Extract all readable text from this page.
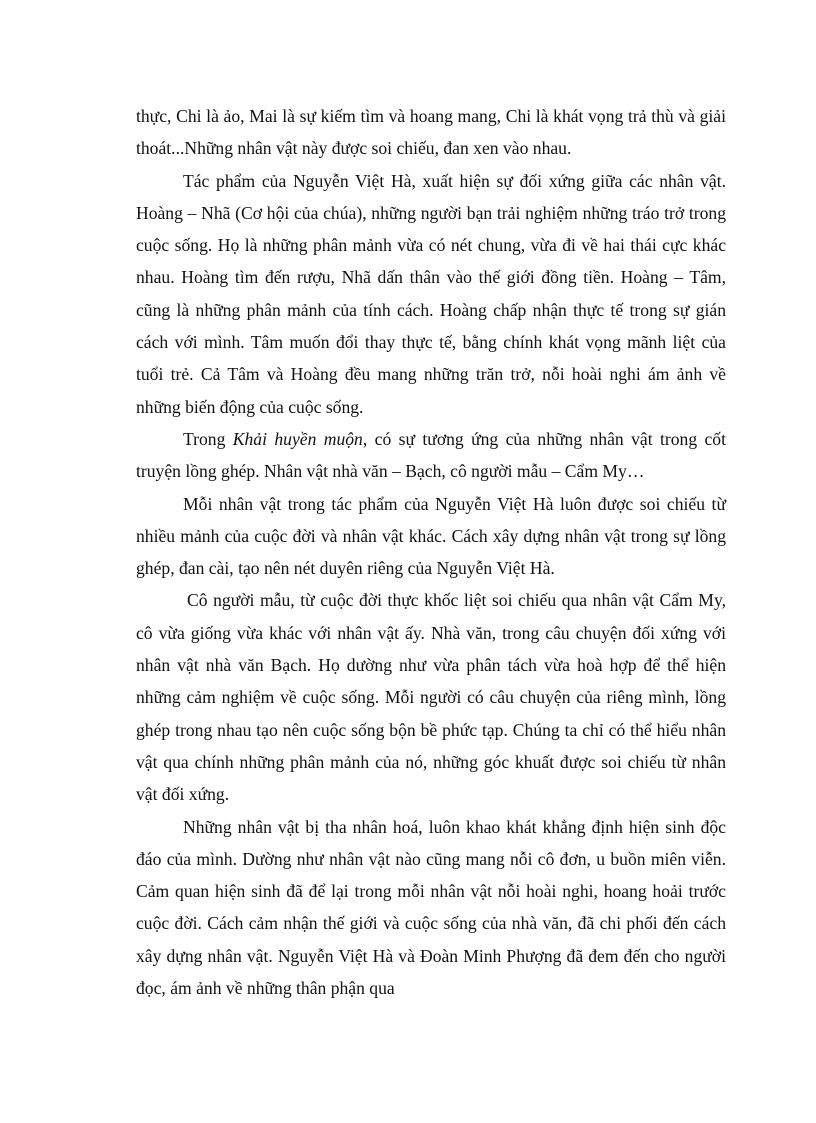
thực, Chi là ảo, Mai là sự kiếm tìm và hoang mang, Chi là khát vọng trả thù và giải thoát...Những nhân vật này được soi chiếu, đan xen vào nhau.

Tác phẩm của Nguyễn Việt Hà, xuất hiện sự đối xứng giữa các nhân vật. Hoàng – Nhã (Cơ hội của chúa), những người bạn trải nghiệm những tráo trở trong cuộc sống. Họ là những phân mảnh vừa có nét chung, vừa đi về hai thái cực khác nhau. Hoàng tìm đến rượu, Nhã dấn thân vào thế giới đồng tiền. Hoàng – Tâm, cũng là những phân mảnh của tính cách. Hoàng chấp nhận thực tế trong sự gián cách với mình. Tâm muốn đổi thay thực tế, bằng chính khát vọng mãnh liệt của tuổi trẻ. Cả Tâm và Hoàng đều mang những trăn trở, nỗi hoài nghi ám ảnh về những biến động của cuộc sống.

Trong Khải huyền muộn, có sự tương ứng của những nhân vật trong cốt truyện lồng ghép. Nhân vật nhà văn – Bạch, cô người mẫu – Cẩm My…

Mỗi nhân vật trong tác phẩm của Nguyễn Việt Hà luôn được soi chiếu từ nhiều mảnh của cuộc đời và nhân vật khác. Cách xây dựng nhân vật trong sự lồng ghép, đan cài, tạo nên nét duyên riêng của Nguyễn Việt Hà.

Cô người mẫu, từ cuộc đời thực khốc liệt soi chiếu qua nhân vật Cẩm My, cô vừa giống vừa khác với nhân vật ấy. Nhà văn, trong câu chuyện đối xứng với nhân vật nhà văn Bạch. Họ dường như vừa phân tách vừa hoà hợp để thể hiện những cảm nghiệm về cuộc sống. Mỗi người có câu chuyện của riêng mình, lồng ghép trong nhau tạo nên cuộc sống bộn bề phức tạp. Chúng ta chỉ có thể hiểu nhân vật qua chính những phân mảnh của nó, những góc khuất được soi chiếu từ nhân vật đối xứng.

Những nhân vật bị tha nhân hoá, luôn khao khát khẳng định hiện sinh độc đáo của mình. Dường như nhân vật nào cũng mang nỗi cô đơn, u buồn miên viễn. Cảm quan hiện sinh đã để lại trong mỗi nhân vật nỗi hoài nghi, hoang hoải trước cuộc đời. Cách cảm nhận thế giới và cuộc sống của nhà văn, đã chi phối đến cách xây dựng nhân vật. Nguyễn Việt Hà và Đoàn Minh Phượng đã đem đến cho người đọc, ám ảnh về những thân phận qua
